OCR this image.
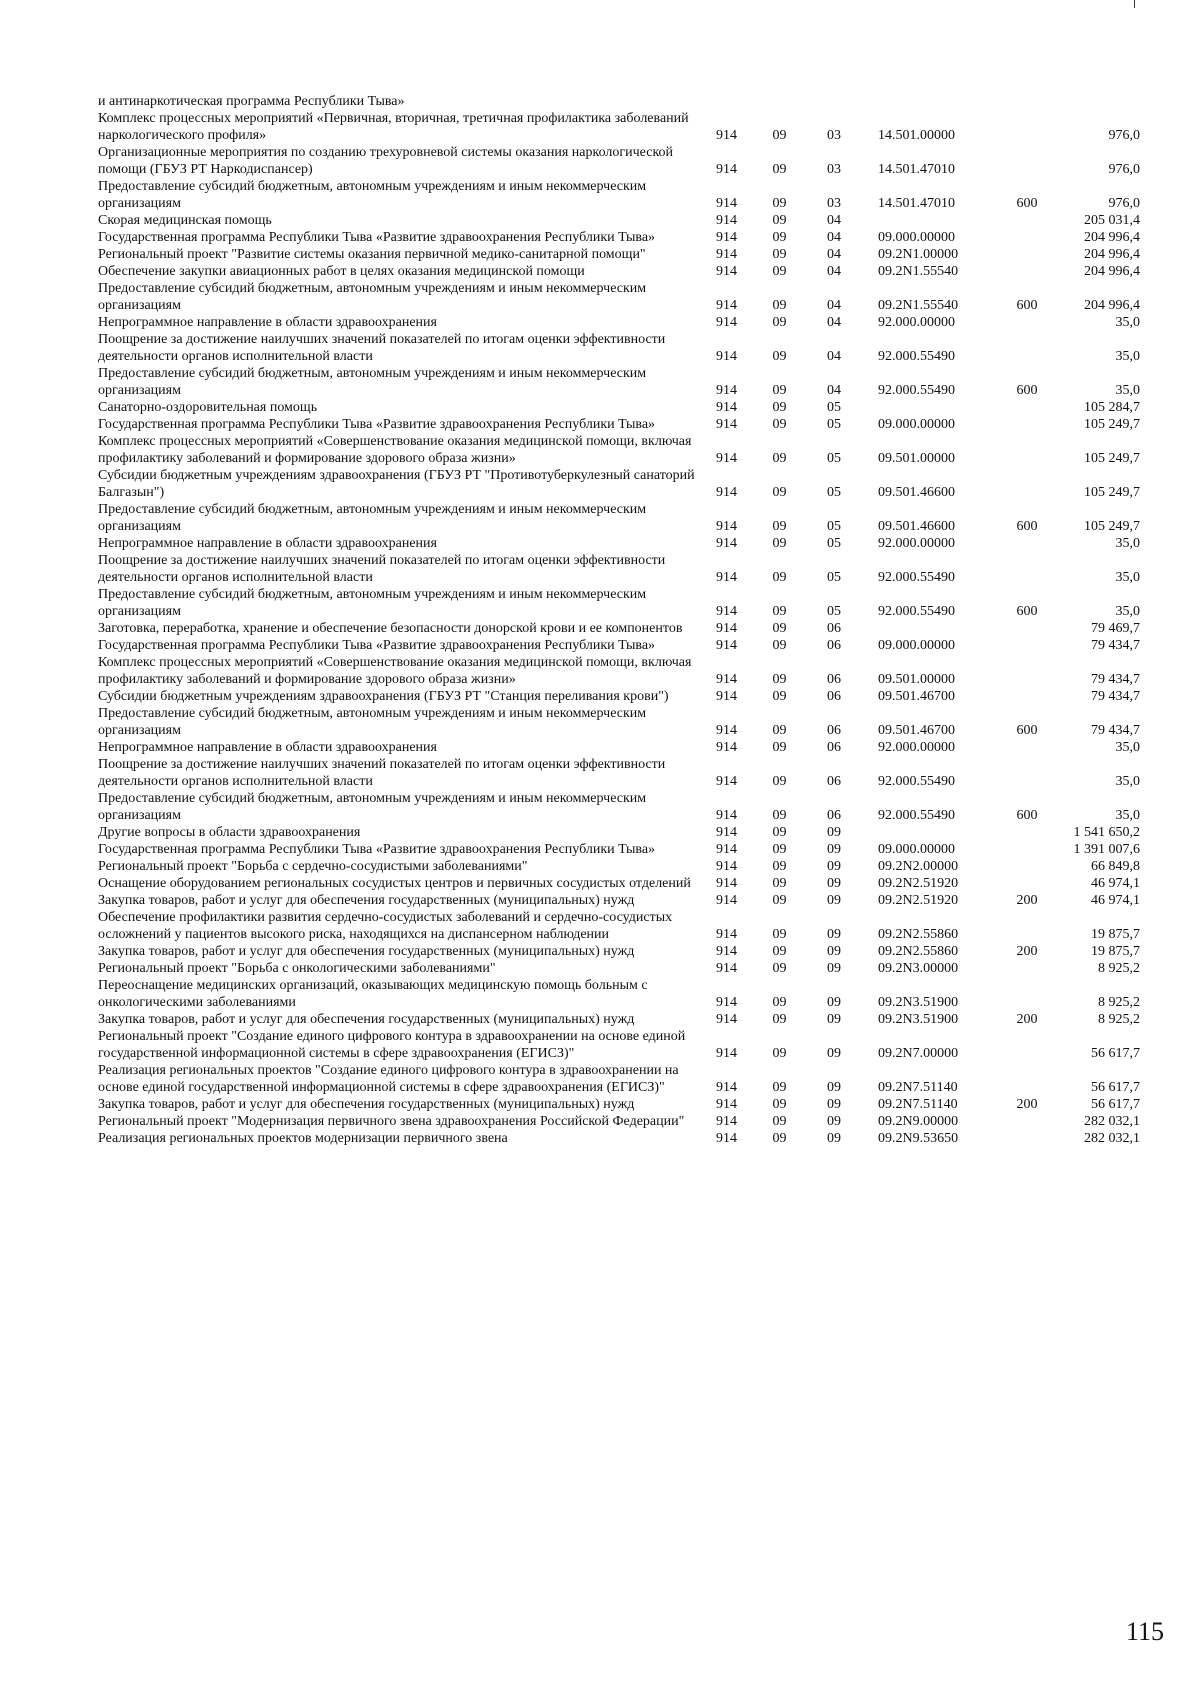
и антинаркотическая программа Республики Тыва»						
Комплекс процессных мероприятий «Первичная, вторичная, третичная профилактика заболеваний наркологического профиля»	914	09	03	14.501.00000		976,0
Организационные мероприятия по созданию трехуровневой системы оказания наркологической помощи (ГБУЗ РТ Наркодиспансер)	914	09	03	14.501.47010		976,0
Предоставление субсидий бюджетным, автономным учреждениям и иным некоммерческим организациям	914	09	03	14.501.47010	600	976,0
Скорая медицинская помощь	914	09	04			205 031,4
Государственная программа Республики Тыва «Развитие здравоохранения Республики Тыва»	914	09	04	09.000.00000		204 996,4
Региональный проект "Развитие системы оказания первичной медико-санитарной помощи"	914	09	04	09.2N1.00000		204 996,4
Обеспечение закупки авиационных работ в целях оказания медицинской помощи	914	09	04	09.2N1.55540		204 996,4
Предоставление субсидий бюджетным, автономным учреждениям и иным некоммерческим организациям	914	09	04	09.2N1.55540	600	204 996,4
Непрограммное направление в области здравоохранения	914	09	04	92.000.00000		35,0
Поощрение за достижение наилучших значений показателей по итогам оценки эффективности деятельности органов исполнительной власти	914	09	04	92.000.55490		35,0
Предоставление субсидий бюджетным, автономным учреждениям и иным некоммерческим организациям	914	09	04	92.000.55490	600	35,0
Санаторно-оздоровительная помощь	914	09	05			105 284,7
Государственная программа Республики Тыва «Развитие здравоохранения Республики Тыва»	914	09	05	09.000.00000		105 249,7
Комплекс процессных мероприятий «Совершенствование оказания медицинской помощи, включая профилактику заболеваний и формирование здорового образа жизни»	914	09	05	09.501.00000		105 249,7
Субсидии бюджетным учреждениям здравоохранения (ГБУЗ РТ "Противотуберкулезный санаторий Балгазын")	914	09	05	09.501.46600		105 249,7
Предоставление субсидий бюджетным, автономным учреждениям и иным некоммерческим организациям	914	09	05	09.501.46600	600	105 249,7
Непрограммное направление в области здравоохранения	914	09	05	92.000.00000		35,0
Поощрение за достижение наилучших значений показателей по итогам оценки эффективности деятельности органов исполнительной власти	914	09	05	92.000.55490		35,0
Предоставление субсидий бюджетным, автономным учреждениям и иным некоммерческим организациям	914	09	05	92.000.55490	600	35,0
Заготовка, переработка, хранение и обеспечение безопасности донорской крови и ее компонентов	914	09	06			79 469,7
Государственная программа Республики Тыва «Развитие здравоохранения Республики Тыва»	914	09	06	09.000.00000		79 434,7
Комплекс процессных мероприятий «Совершенствование оказания медицинской помощи, включая профилактику заболеваний и формирование здорового образа жизни»	914	09	06	09.501.00000		79 434,7
Субсидии бюджетным учреждениям здравоохранения (ГБУЗ РТ "Станция переливания крови")	914	09	06	09.501.46700		79 434,7
Предоставление субсидий бюджетным, автономным учреждениям и иным некоммерческим организациям	914	09	06	09.501.46700	600	79 434,7
Непрограммное направление в области здравоохранения	914	09	06	92.000.00000		35,0
Поощрение за достижение наилучших значений показателей по итогам оценки эффективности деятельности органов исполнительной власти	914	09	06	92.000.55490		35,0
Предоставление субсидий бюджетным, автономным учреждениям и иным некоммерческим организациям	914	09	06	92.000.55490	600	35,0
Другие вопросы в области здравоохранения	914	09	09			1 541 650,2
Государственная программа Республики Тыва «Развитие здравоохранения Республики Тыва»	914	09	09	09.000.00000		1 391 007,6
Региональный проект "Борьба с сердечно-сосудистыми заболеваниями"	914	09	09	09.2N2.00000		66 849,8
Оснащение оборудованием региональных сосудистых центров и первичных сосудистых отделений	914	09	09	09.2N2.51920		46 974,1
Закупка товаров, работ и услуг для обеспечения государственных (муниципальных) нужд	914	09	09	09.2N2.51920	200	46 974,1
Обеспечение профилактики развития сердечно-сосудистых заболеваний и сердечно-сосудистых осложнений у пациентов высокого риска, находящихся на диспансерном наблюдении	914	09	09	09.2N2.55860		19 875,7
Закупка товаров, работ и услуг для обеспечения государственных (муниципальных) нужд	914	09	09	09.2N2.55860	200	19 875,7
Региональный проект "Борьба с онкологическими заболеваниями"	914	09	09	09.2N3.00000		8 925,2
Переоснащение медицинских организаций, оказывающих медицинскую помощь больным с онкологическими заболеваниями	914	09	09	09.2N3.51900		8 925,2
Закупка товаров, работ и услуг для обеспечения государственных (муниципальных) нужд	914	09	09	09.2N3.51900	200	8 925,2
Региональный проект "Создание единого цифрового контура в здравоохранении на основе единой государственной информационной системы в сфере здравоохранения (ЕГИСЗ)"	914	09	09	09.2N7.00000		56 617,7
Реализация региональных проектов "Создание единого цифрового контура в здравоохранении на основе единой государственной информационной системы в сфере здравоохранения (ЕГИСЗ)"	914	09	09	09.2N7.51140		56 617,7
Закупка товаров, работ и услуг для обеспечения государственных (муниципальных) нужд	914	09	09	09.2N7.51140	200	56 617,7
Региональный проект "Модернизация первичного звена здравоохранения Российской Федерации"	914	09	09	09.2N9.00000		282 032,1
Реализация региональных проектов модернизации первичного звена	914	09	09	09.2N9.53650		282 032,1
115
